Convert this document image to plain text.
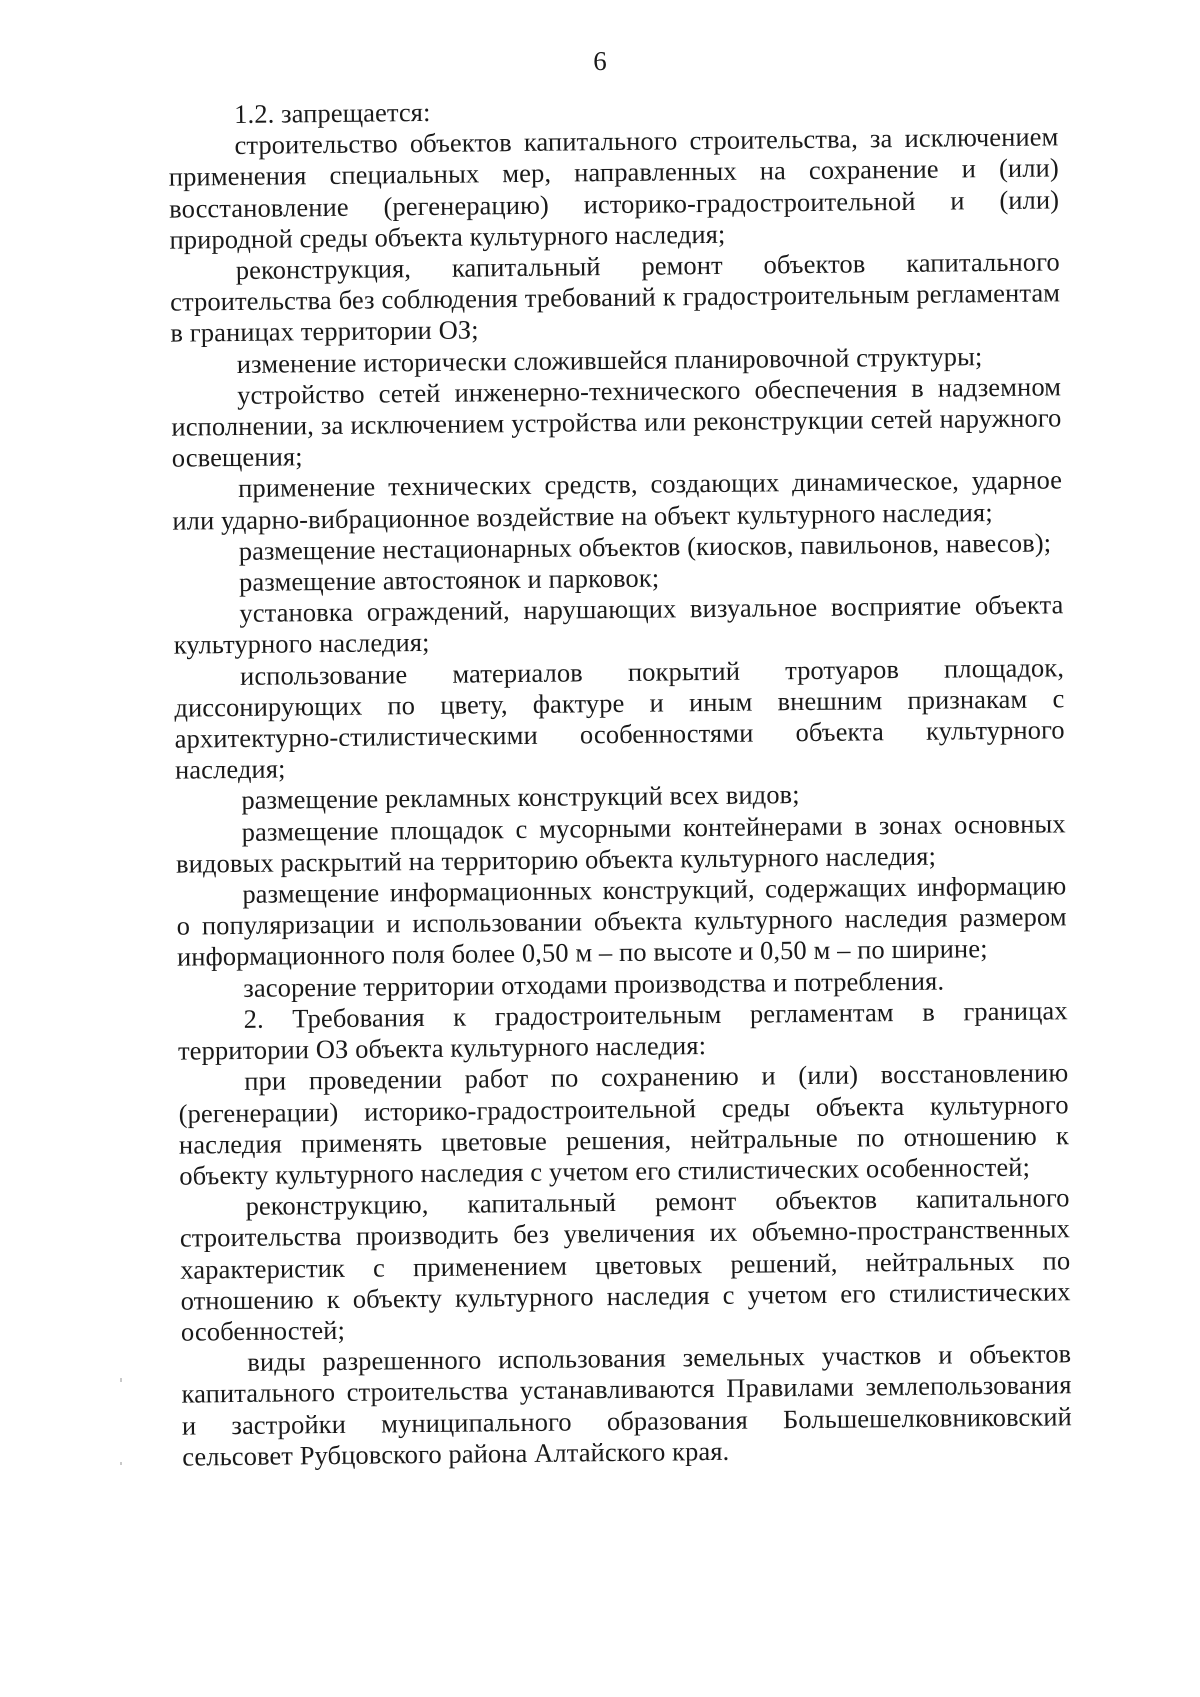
6

1.2. запрещается:

строительство объектов капитального строительства, за исключением применения специальных мер, направленных на сохранение и (или) восстановление (регенерацию) историко-градостроительной и (или) природной среды объекта культурного наследия;

реконструкция, капитальный ремонт объектов капитального строительства без соблюдения требований к градостроительным регламентам в границах территории ОЗ;

изменение исторически сложившейся планировочной структуры;

устройство сетей инженерно-технического обеспечения в надземном исполнении, за исключением устройства или реконструкции сетей наружного освещения;

применение технических средств, создающих динамическое, ударное или ударно-вибрационное воздействие на объект культурного наследия;

размещение нестационарных объектов (киосков, павильонов, навесов);

размещение автостоянок и парковок;

установка ограждений, нарушающих визуальное восприятие объекта культурного наследия;

использование материалов покрытий тротуаров площадок, диссонирующих по цвету, фактуре и иным внешним признакам с архитектурно-стилистическими особенностями объекта культурного наследия;

размещение рекламных конструкций всех видов;

размещение площадок с мусорными контейнерами в зонах основных видовых раскрытий на территорию объекта культурного наследия;

размещение информационных конструкций, содержащих информацию о популяризации и использовании объекта культурного наследия размером информационного поля более 0,50 м – по высоте и 0,50 м – по ширине;

засорение территории отходами производства и потребления.

2. Требования к градостроительным регламентам в границах территории ОЗ объекта культурного наследия:

при проведении работ по сохранению и (или) восстановлению (регенерации) историко-градостроительной среды объекта культурного наследия применять цветовые решения, нейтральные по отношению к объекту культурного наследия с учетом его стилистических особенностей;

реконструкцию, капитальный ремонт объектов капитального строительства производить без увеличения их объемно-пространственных характеристик с применением цветовых решений, нейтральных по отношению к объекту культурного наследия с учетом его стилистических особенностей;

виды разрешенного использования земельных участков и объектов капитального строительства устанавливаются Правилами землепользования и застройки муниципального образования Большешелковниковский сельсовет Рубцовского района Алтайского края.
